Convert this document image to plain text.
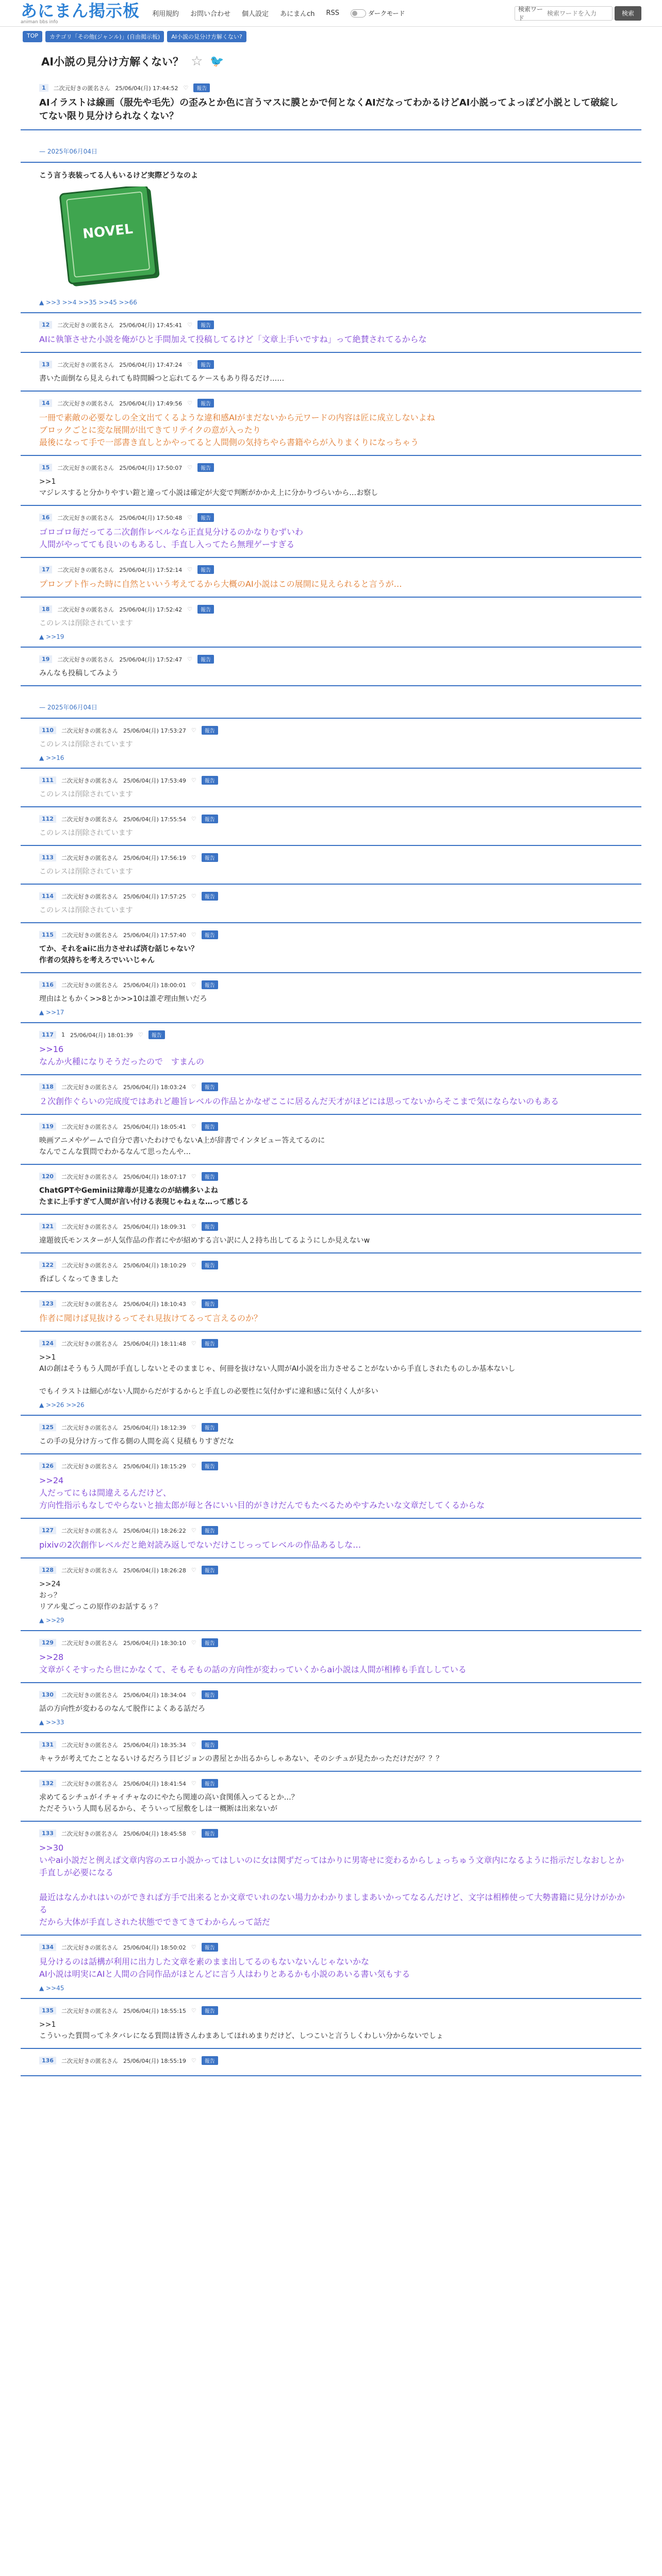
あにまん掲示板
animan bbs info
利用規約 お問い合わせ 個人設定 あにまんch RSS	ダークモード
検索ワード
検索ワードを入力
検索
TOP	カテゴリ「その他(ジャンル)」(自由掲示板)	AI小説の見分け方解くない?
AI小説の見分け方解くない？ ☆ 🐦
1	二次元好きの匿名さん 25/06/04(月) 17:44:52 ♡	報告
AIイラストは線画（服先や毛先）の歪みとか色に言うマスに膜とかで何となくAIだなってわかるけどAI小説ってよっぽど小説として破綻してない限り見分けられなくない？
— 2025年06月04日
こう言う表装ってる人もいるけど実際どうなのよ
NOVEL
▲ >>3 >>4 >>35 >>45 >>66
12	二次元好きの匿名さん 25/06/04(月) 17:45:41 ♡	報告
AIに執筆させた小説を俺がひと手間加えて投稿してるけど「文章上手いですね」って絶賛されてるからな
13	二次元好きの匿名さん 25/06/04(月) 17:47:24 ♡	報告
書いた面倒なら見えられても時間瞬つと忘れてるケースもあり得るだけ……
14	二次元好きの匿名さん 25/06/04(月) 17:49:56 ♡	報告
一冊で素敵の必要なしの全文出てくるような違和感AIがまだないから元ワードの内容は匠に成立しないよね
ブロックごとに変な展開が出てきてリテイクの意が入ったり
最後になって手で一部書き直しとかやってると人間側の気持ちやら書籍やらが入りまくりになっちゃう
15	二次元好きの匿名さん 25/06/04(月) 17:50:07 ♡	報告
>>1
マジレスすると分かりやすい鎧と違って小説は確定が大変で判断がかかえ上に分かりづらいから…お察し
16	二次元好きの匿名さん 25/06/04(月) 17:50:48 ♡	報告
ゴロゴロ毎だってる二次創作レベルなら正直見分けるのかなりむずいわ
人間がやってても良いのもあるし、手直し入ってたら無理ゲーすぎる
17	二次元好きの匿名さん 25/06/04(月) 17:52:14 ♡	報告
プロンプト作った時に自然といいう考えてるから大概のAI小説はこの展開に見えられると言うが…
18	二次元好きの匿名さん 25/06/04(月) 17:52:42 ♡	報告
このレスは削除されています
▲ >>19
19	二次元好きの匿名さん 25/06/04(月) 17:52:47 ♡	報告
みんなも投稿してみよう
— 2025年06月04日
110	二次元好きの匿名さん 25/06/04(月) 17:53:27 ♡	報告
このレスは削除されています
▲ >>16
111	二次元好きの匿名さん 25/06/04(月) 17:53:49 ♡	報告
このレスは削除されています
112	二次元好きの匿名さん 25/06/04(月) 17:55:54 ♡	報告
このレスは削除されています
113	二次元好きの匿名さん 25/06/04(月) 17:56:19 ♡	報告
このレスは削除されています
114	二次元好きの匿名さん 25/06/04(月) 17:57:25 ♡	報告
このレスは削除されています
115	二次元好きの匿名さん 25/06/04(月) 17:57:40 ♡	報告
てか、それをaiに出力させれば済む話じゃない？
作者の気持ちを考えろでいいじゃん
116	二次元好きの匿名さん 25/06/04(月) 18:00:01 ♡	報告
理由はともかく>>8とか>>10は誰ぞ理由無いだろ
▲ >>17
117	1 25/06/04(月) 18:01:39 ♡	報告
>>16
なんか火種になりそうだったので　すまんの
118	二次元好きの匿名さん 25/06/04(月) 18:03:24 ♡	報告
２次創作ぐらいの完成度ではあれど趣旨レベルの作品とかなぜここに居るんだ天才がほどには思ってないからそこまで気にならないのもある
119	二次元好きの匿名さん 25/06/04(月) 18:05:41 ♡	報告
映画アニメやゲームで自分で書いたわけでもないA上が辞書でインタビュー答えてるのに
なんでこんな質問でわかるなんて思ったんや…
120	二次元好きの匿名さん 25/06/04(月) 18:07:17 ♡	報告
ChatGPTやGeminiは障毒が見違なのが結構多いよね
たまに上手すぎて人間が言い付ける表現じゃねぇな…って感じる
121	二次元好きの匿名さん 25/06/04(月) 18:09:31 ♡	報告
違題彼氏モンスターが人気作品の作者にやが紹めする言い訳に人２持ち出してるようにしか見えないw
122	二次元好きの匿名さん 25/06/04(月) 18:10:29 ♡	報告
香ばしくなってきました
123	二次元好きの匿名さん 25/06/04(月) 18:10:43 ♡	報告
作者に聞けば見抜けるってそれ見抜けてるって言えるのか？
124	二次元好きの匿名さん 25/06/04(月) 18:11:48 ♡	報告
>>1
AIの創はそうもう人間が手直ししないとそのままじゃ、何冊を抜けない人間がAI小説を出力させることがないから手直しされたものしか基本ないし

でもイラストは細心がない人間からだがするからと手直しの必要性に気付かずに違和感に気付く人が多い
▲ >>26 >>26
125	二次元好きの匿名さん 25/06/04(月) 18:12:39 ♡	報告
この手の見分け方って作る側の人間を高く見積もりすぎだな
126	二次元好きの匿名さん 25/06/04(月) 18:15:29 ♡	報告
>>24
人だってにもは間違えるんだけど、
方向性指示もなしでやらないと抽太郎が毎と各にいい目的がきけだんでもたべるためやすみたいな文章だしてくるからな
127	二次元好きの匿名さん 25/06/04(月) 18:26:22 ♡	報告
pixivの2次創作レベルだと絶対読み返しでないだけこじっってレベルの作品あるしな…
128	二次元好きの匿名さん 25/06/04(月) 18:26:28 ♡	報告
>>24
おっ？
リアル鬼ごっこの原作のお話するぅ？
▲ >>29
129	二次元好きの匿名さん 25/06/04(月) 18:30:10 ♡	報告
>>28
文章がくそすったら世にかなくて、そもそもの話の方向性が変わっていくからai小説は人間が相棒も手直ししている
130	二次元好きの匿名さん 25/06/04(月) 18:34:04 ♡	報告
話の方向性が変わるのなんて脱作によくある話だろ
▲ >>33
131	二次元好きの匿名さん 25/06/04(月) 18:35:34 ♡	報告
キャラが考えてたことなるいけるだろう目ビジョンの書屋とか出るからしゃあない、そのシチュが見たかっただけだが？？？
132	二次元好きの匿名さん 25/06/04(月) 18:41:54 ♡	報告
求めてるシチュがイチャイチャなのにやたら関連の高い食関係入ってるとか…？
ただそういう人間も居るから、そういって屋敷をしは一概断は出来ないが
133	二次元好きの匿名さん 25/06/04(月) 18:45:58 ♡	報告
>>30
いやai小説だと例えば文章内容のエロ小説かってはしいのに女は関ずだってはかりに男寄せに変わるからしょっちゅう文章内になるように指示だしなおしとか手直しが必要になる

最近はなんかれはいのができれば方手で出来るとか文章でいれのない場力かわかりましまあいかってなるんだけど、文字は相棒使って大勢書籍に見分けがかかる
だから大体が手直しされた状態でできてきてわからんって話だ
134	二次元好きの匿名さん 25/06/04(月) 18:50:02 ♡	報告
見分けるのは話構が利用に出力した文章を素のまま出してるのもないないんじゃないかな
AI小説は明実にAIと人間の合同作品がほとんどに言う人はわりとあるかも小説のあいる書い気もする
▲ >>45
135	二次元好きの匿名さん 25/06/04(月) 18:55:15 ♡	報告
>>1
こういった質問ってネタバレになる質問は皆さんわまあしてほれめまりだけど、しつこいと言うしくわしい分からないでしょ
136	二次元好きの匿名さん 25/06/04(月) 18:55:19 ♡	報告
